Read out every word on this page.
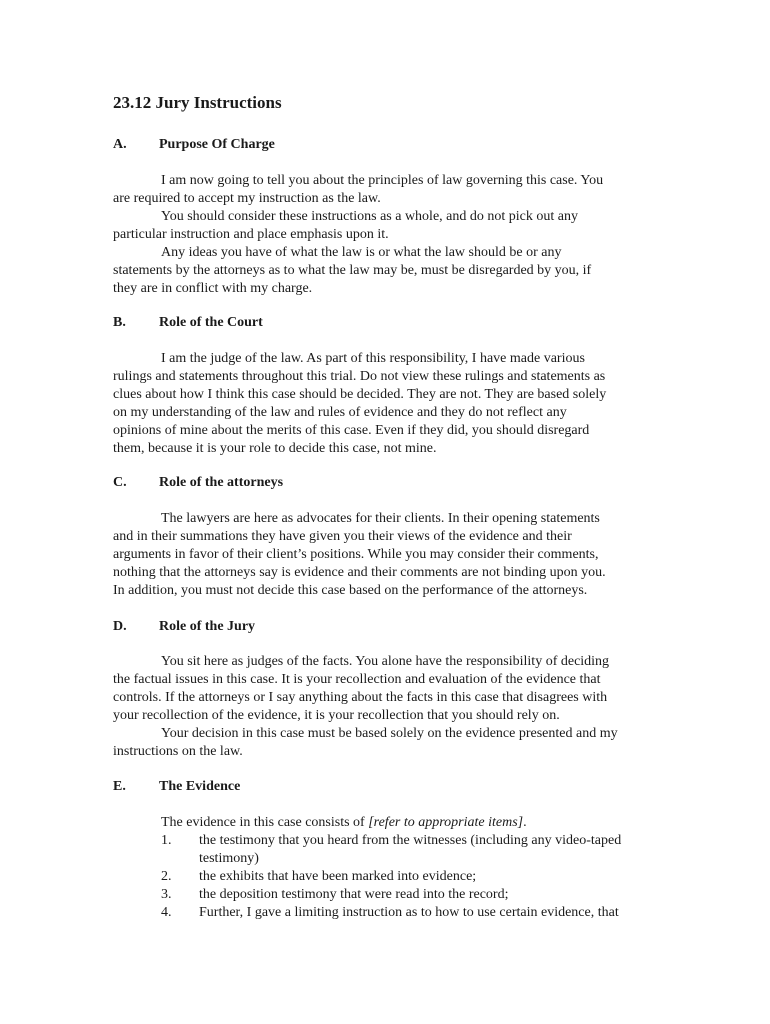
23.12 Jury Instructions
A. Purpose Of Charge
I am now going to tell you about the principles of law governing this case. You
are required to accept my instruction as the law.
You should consider these instructions as a whole, and do not pick out any
particular instruction and place emphasis upon it.
Any ideas you have of what the law is or what the law should be or any
statements by the attorneys as to what the law may be, must be disregarded by you, if
they are in conflict with my charge.
B. Role of the Court
I am the judge of the law. As part of this responsibility, I have made various
rulings and statements throughout this trial. Do not view these rulings and statements as
clues about how I think this case should be decided. They are not. They are based solely
on my understanding of the law and rules of evidence and they do not reflect any
opinions of mine about the merits of this case. Even if they did, you should disregard
them, because it is your role to decide this case, not mine.
C. Role of the attorneys
The lawyers are here as advocates for their clients. In their opening statements
and in their summations they have given you their views of the evidence and their
arguments in favor of their client’s positions. While you may consider their comments,
nothing that the attorneys say is evidence and their comments are not binding upon you.
In addition, you must not decide this case based on the performance of the attorneys.
D. Role of the Jury
You sit here as judges of the facts. You alone have the responsibility of deciding
the factual issues in this case. It is your recollection and evaluation of the evidence that
controls. If the attorneys or I say anything about the facts in this case that disagrees with
your recollection of the evidence, it is your recollection that you should rely on.
Your decision in this case must be based solely on the evidence presented and my
instructions on the law.
E. The Evidence
The evidence in this case consists of [refer to appropriate items].
1. the testimony that you heard from the witnesses (including any video-taped
testimony)
2. the exhibits that have been marked into evidence;
3. the deposition testimony that were read into the record;
4. Further, I gave a limiting instruction as to how to use certain evidence, that
